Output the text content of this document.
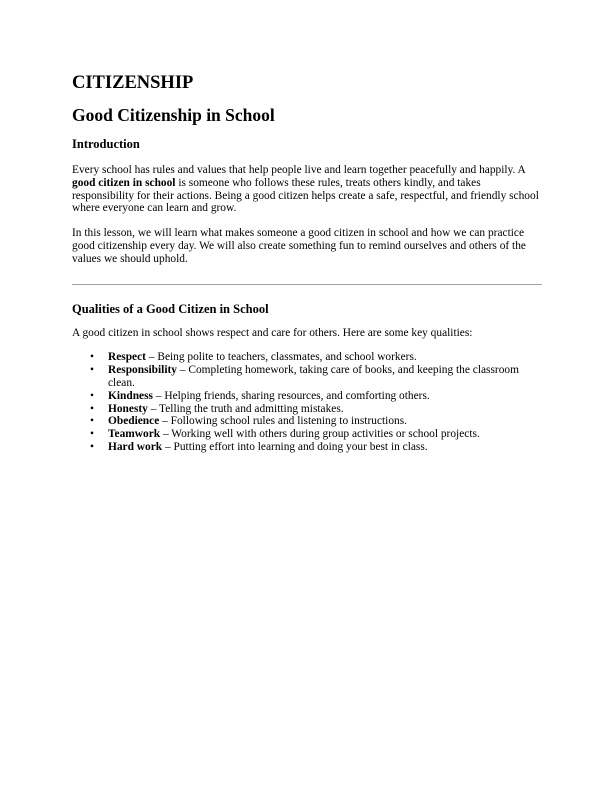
CITIZENSHIP
Good Citizenship in School
Introduction

Every school has rules and values that help people live and learn together peacefully and happily. A good citizen in school is someone who follows these rules, treats others kindly, and takes responsibility for their actions. Being a good citizen helps create a safe, respectful, and friendly school where everyone can learn and grow.

In this lesson, we will learn what makes someone a good citizen in school and how we can practice good citizenship every day. We will also create something fun to remind ourselves and others of the values we should uphold.

Qualities of a Good Citizen in School

A good citizen in school shows respect and care for others. Here are some key qualities:

• Respect – Being polite to teachers, classmates, and school workers.
• Responsibility – Completing homework, taking care of books, and keeping the classroom clean.
• Kindness – Helping friends, sharing resources, and comforting others.
• Honesty – Telling the truth and admitting mistakes.
• Obedience – Following school rules and listening to instructions.
• Teamwork – Working well with others during group activities or school projects.
• Hard work – Putting effort into learning and doing your best in class.
